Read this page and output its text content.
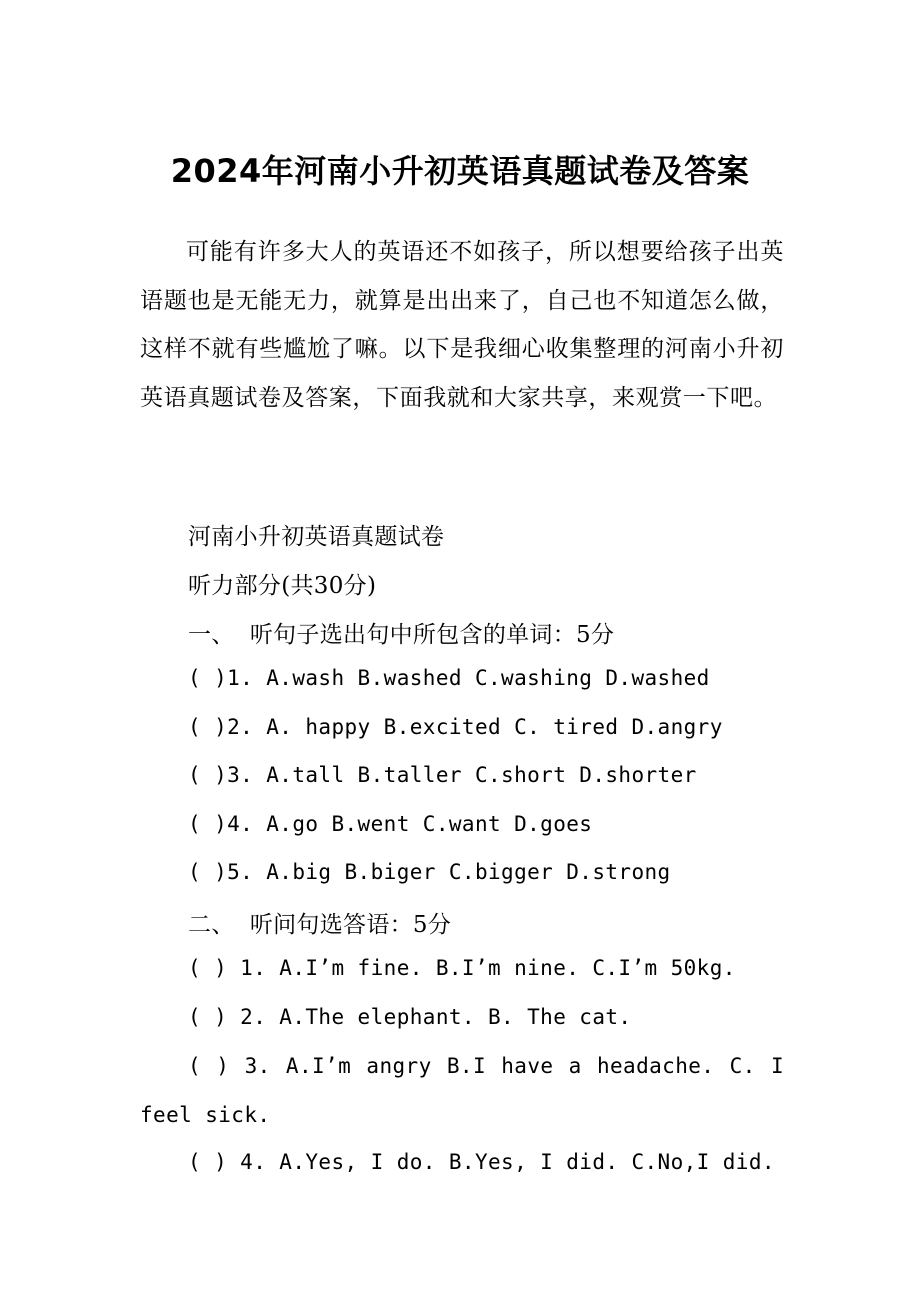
2024年河南小升初英语真题试卷及答案
可能有许多大人的英语还不如孩子，所以想要给孩子出英语题也是无能无力，就算是出出来了，自己也不知道怎么做，这样不就有些尴尬了嘛。以下是我细心收集整理的河南小升初英语真题试卷及答案，下面我就和大家共享，来观赏一下吧。
河南小升初英语真题试卷
听力部分(共30分)
一、  听句子选出句中所包含的单词：5分
( )1. A.wash B.washed C.washing D.washed
( )2. A. happy B.excited C. tired D.angry
( )3. A.tall B.taller C.short D.shorter
( )4. A.go B.went C.want D.goes
( )5. A.big B.biger C.bigger D.strong
二、  听问句选答语：5分
( ) 1. A.I’m fine. B.I’m nine. C.I’m 50kg.
( ) 2. A.The elephant. B. The cat.
( ) 3. A.I’m angry B.I have a headache. C. I feel sick.
( ) 4. A.Yes, I do. B.Yes, I did. C.No,I did.
